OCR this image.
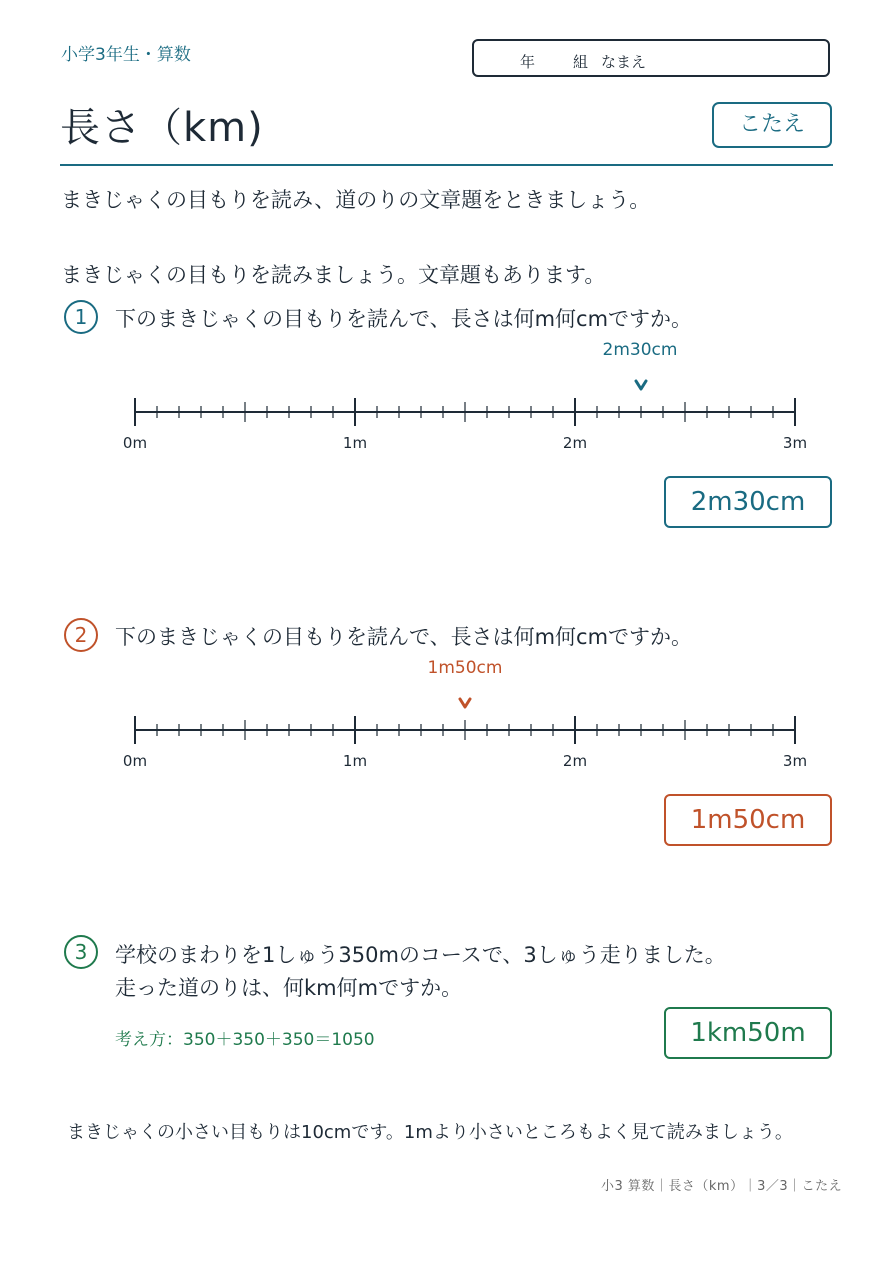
小学3年生・算数	年	組 なまえ
長さ（km)	こたえ
まきじゃくの目もりを読み、道のりの文章題をときましょう。
まきじゃくの目もりを読みましょう。文章題もあります。
1	下のまきじゃくの目もりを読んで、長さは何m何cmですか。
2m30cm
0m	1m	2m	3m
2m30cm
2	下のまきじゃくの目もりを読んで、長さは何m何cmですか。
1m50cm
0m	1m	2m	3m
1m50cm
3	学校のまわりを1しゅう350mのコースで、3しゅう走りました。
走った道のりは、何km何mですか。
考え方：350＋350＋350＝1050	1km50m
まきじゃくの小さい目もりは10cmです。1mより小さいところもよく見て読みましょう。
小3 算数｜長さ（km）｜3／3｜こたえ
